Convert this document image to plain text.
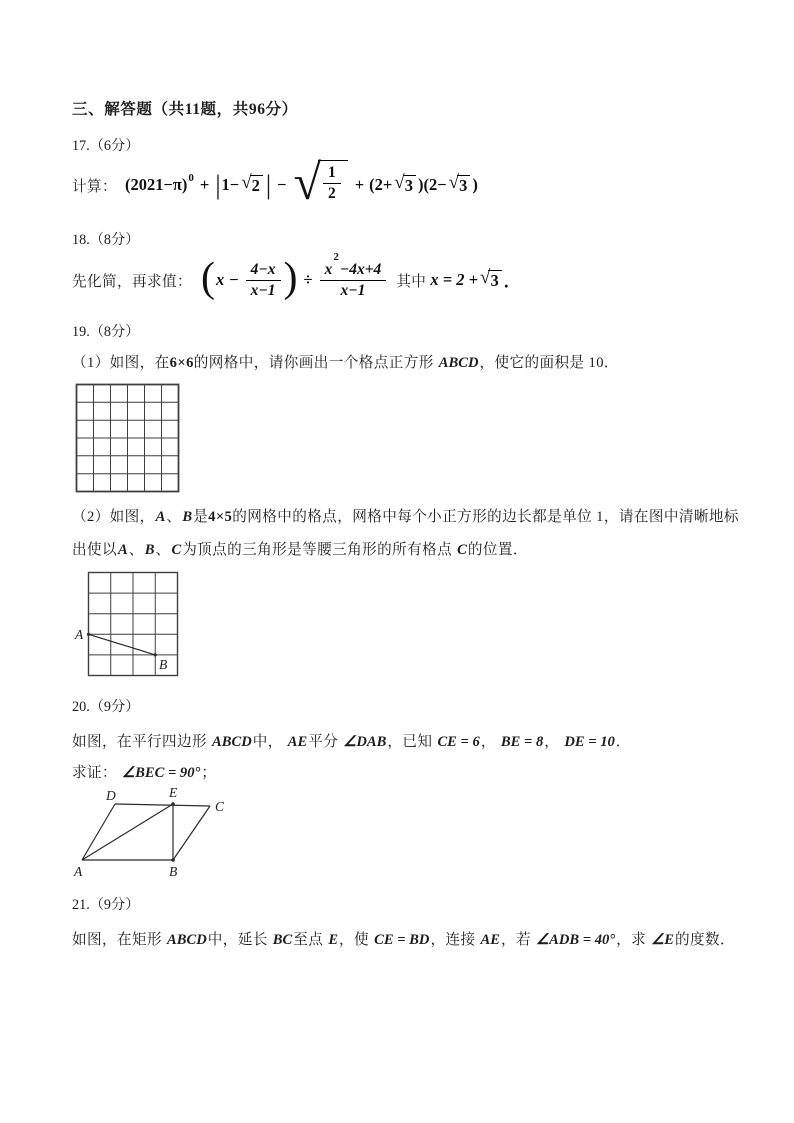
三、解答题（共11题，共96分）
17.（6分）
计算： $(2021-\pi)^0$ + | 1− √ 2 | − √ $\frac{1}{2} + (2+$ √ 3 ) (2− √ 3 )
18.（8分）
先化简，再求值： ( $x - \frac{4-x}{x-1}$ ) ÷ $\frac{x^2-4x+4}{x-1}$ 其中 x = 2 + √ 3 ．
19.（8分）
（1）如图，在6×6的网格中，请你画出一个格点正方形 ABCD，使它的面积是 10．
（2）如图，A、B是4×5的网格中的格点，网格中每个小正方形的边长都是单位 1，请在图中清晰地标
出使以A、B、C为顶点的三角形是等腰三角形的所有格点 C的位置．
A
B
20.（9分）
如图，在平行四边形 ABCD中， AE平分 ∠DAB，已知 CE = 6， BE = 8， DE = 10．
求证： ∠BEC = 90°；
D	E
C
A	B
21.（9分）
如图，在矩形 ABCD中，延长 BC至点 E，使 CE = BD，连接 AE，若 ∠ADB = 40°，求 ∠E的度数．
